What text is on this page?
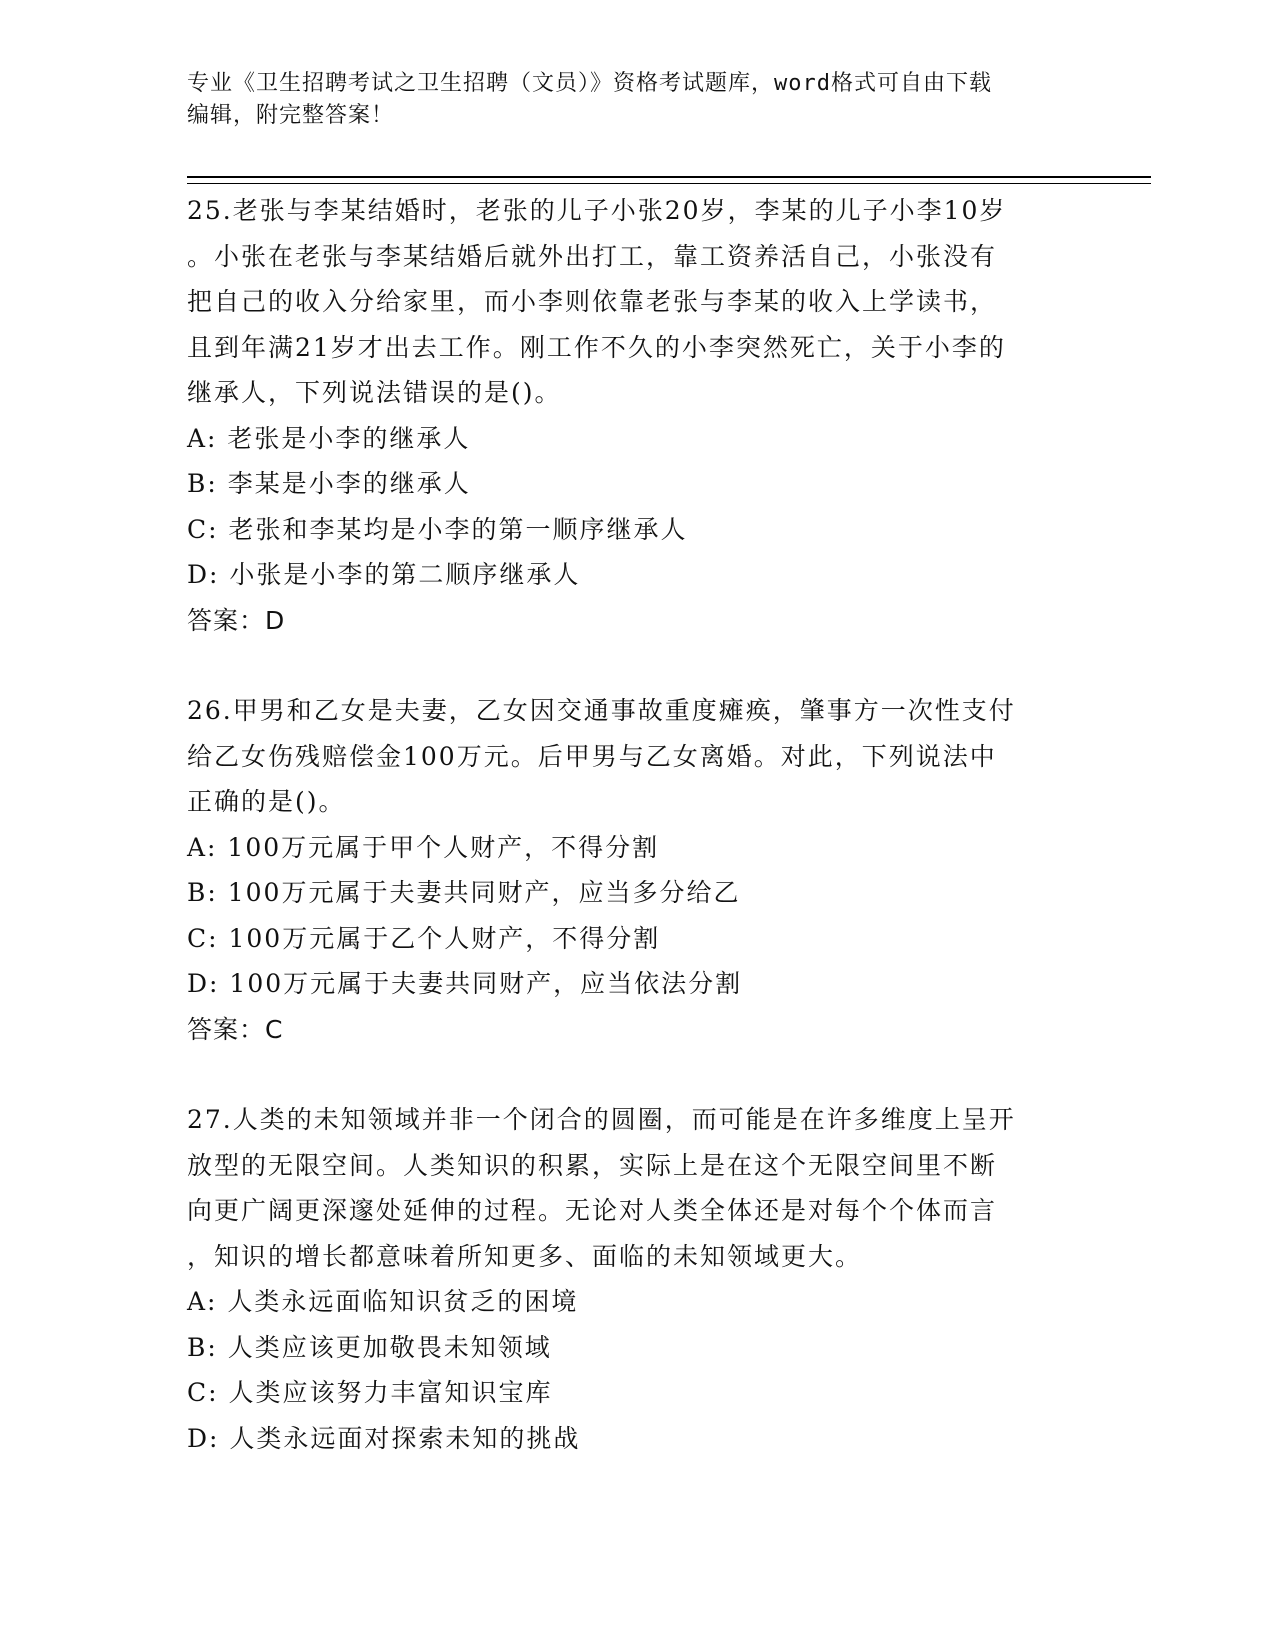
专业《卫生招聘考试之卫生招聘（文员）》资格考试题库，word格式可自由下载
编辑，附完整答案！
25.老张与李某结婚时，老张的儿子小张20岁，李某的儿子小李10岁
。小张在老张与李某结婚后就外出打工，靠工资养活自己，小张没有
把自己的收入分给家里，而小李则依靠老张与李某的收入上学读书，
且到年满21岁才出去工作。刚工作不久的小李突然死亡，关于小李的
继承人，下列说法错误的是()。
A: 老张是小李的继承人
B: 李某是小李的继承人
C: 老张和李某均是小李的第一顺序继承人
D: 小张是小李的第二顺序继承人
答案：D
26.甲男和乙女是夫妻，乙女因交通事故重度瘫痪，肇事方一次性支付
给乙女伤残赔偿金100万元。后甲男与乙女离婚。对此，下列说法中
正确的是()。
A: 100万元属于甲个人财产，不得分割
B: 100万元属于夫妻共同财产，应当多分给乙
C: 100万元属于乙个人财产，不得分割
D: 100万元属于夫妻共同财产，应当依法分割
答案：C
27.人类的未知领域并非一个闭合的圆圈，而可能是在许多维度上呈开
放型的无限空间。人类知识的积累，实际上是在这个无限空间里不断
向更广阔更深邃处延伸的过程。无论对人类全体还是对每个个体而言
，知识的增长都意味着所知更多、面临的未知领域更大。
A: 人类永远面临知识贫乏的困境
B: 人类应该更加敬畏未知领域
C: 人类应该努力丰富知识宝库
D: 人类永远面对探索未知的挑战
